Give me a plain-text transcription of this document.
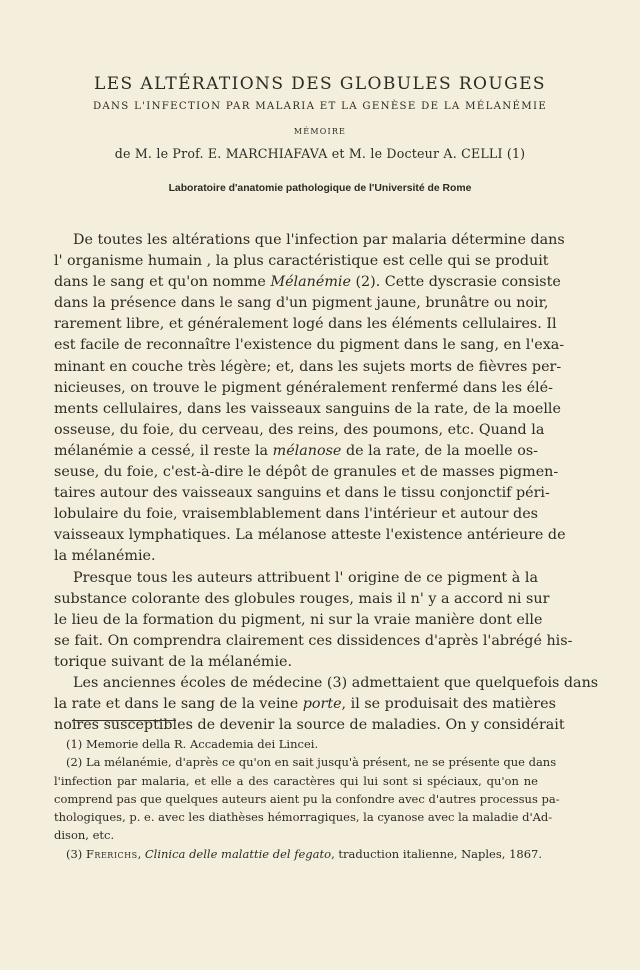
LES ALTÉRATIONS DES GLOBULES ROUGES
DANS L'INFECTION PAR MALARIA ET LA GENÈSE DE LA MÉLANÉMIE
MÉMOIRE
de M. le Prof. E. MARCHIAFAVA et M. le Docteur A. CELLI (1)
Laboratoire d'anatomie pathologique de l'Université de Rome
De toutes les altérations que l'infection par malaria détermine dans
l' organisme humain , la plus caractéristique est celle qui se produit
dans le sang et qu'on nomme Mélanémie (2). Cette dyscrasie consiste
dans la présence dans le sang d'un pigment jaune, brunâtre ou noir,
rarement libre, et généralement logé dans les éléments cellulaires. Il
est facile de reconnaître l'existence du pigment dans le sang, en l'exa-
minant en couche très légère; et, dans les sujets morts de fièvres per-
nicieuses, on trouve le pigment généralement renfermé dans les élé-
ments cellulaires, dans les vaisseaux sanguins de la rate, de la moelle
osseuse, du foie, du cerveau, des reins, des poumons, etc. Quand la
mélanémie a cessé, il reste la mélanose de la rate, de la moelle os-
seuse, du foie, c'est-à-dire le dépôt de granules et de masses pigmen-
taires autour des vaisseaux sanguins et dans le tissu conjonctif péri-
lobulaire du foie, vraisemblablement dans l'intérieur et autour des
vaisseaux lymphatiques. La mélanose atteste l'existence antérieure de
la mélanémie.
Presque tous les auteurs attribuent l' origine de ce pigment à la
substance colorante des globules rouges, mais il n' y a accord ni sur
le lieu de la formation du pigment, ni sur la vraie manière dont elle
se fait. On comprendra clairement ces dissidences d'après l'abrégé his-
torique suivant de la mélanémie.
Les anciennes écoles de médecine (3) admettaient que quelquefois dans
la rate et dans le sang de la veine porte, il se produisait des matières
noires susceptibles de devenir la source de maladies. On y considérait
(1) Memorie della R. Accademia dei Lincei.
(2) La mélanémie, d'après ce qu'on en sait jusqu'à présent, ne se présente que dans
l'infection par malaria, et elle a des caractères qui lui sont si spéciaux, qu'on ne
comprend pas que quelques auteurs aient pu la confondre avec d'autres processus pa-
thologiques, p. e. avec les diathèses hémorragiques, la cyanose avec la maladie d'Ad-
dison, etc.
(3) Frerichs, Clinica delle malattie del fegato, traduction italienne, Naples, 1867.
